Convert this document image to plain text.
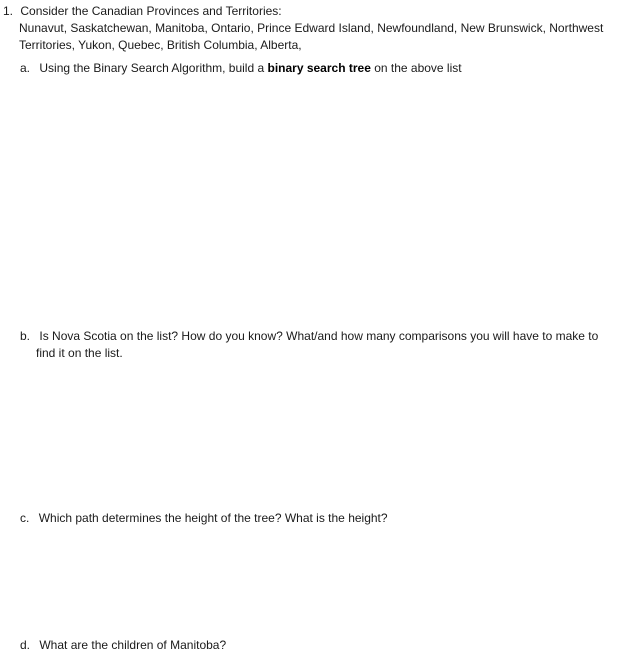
1. Consider the Canadian Provinces and Territories:
Nunavut, Saskatchewan, Manitoba, Ontario, Prince Edward Island, Newfoundland, New Brunswick, Northwest
Territories, Yukon, Quebec, British Columbia, Alberta,
a. Using the Binary Search Algorithm, build a binary search tree on the above list
b. Is Nova Scotia on the list? How do you know? What/and how many comparisons you will have to make to
find it on the list.
c. Which path determines the height of the tree? What is the height?
d. What are the children of Manitoba?
